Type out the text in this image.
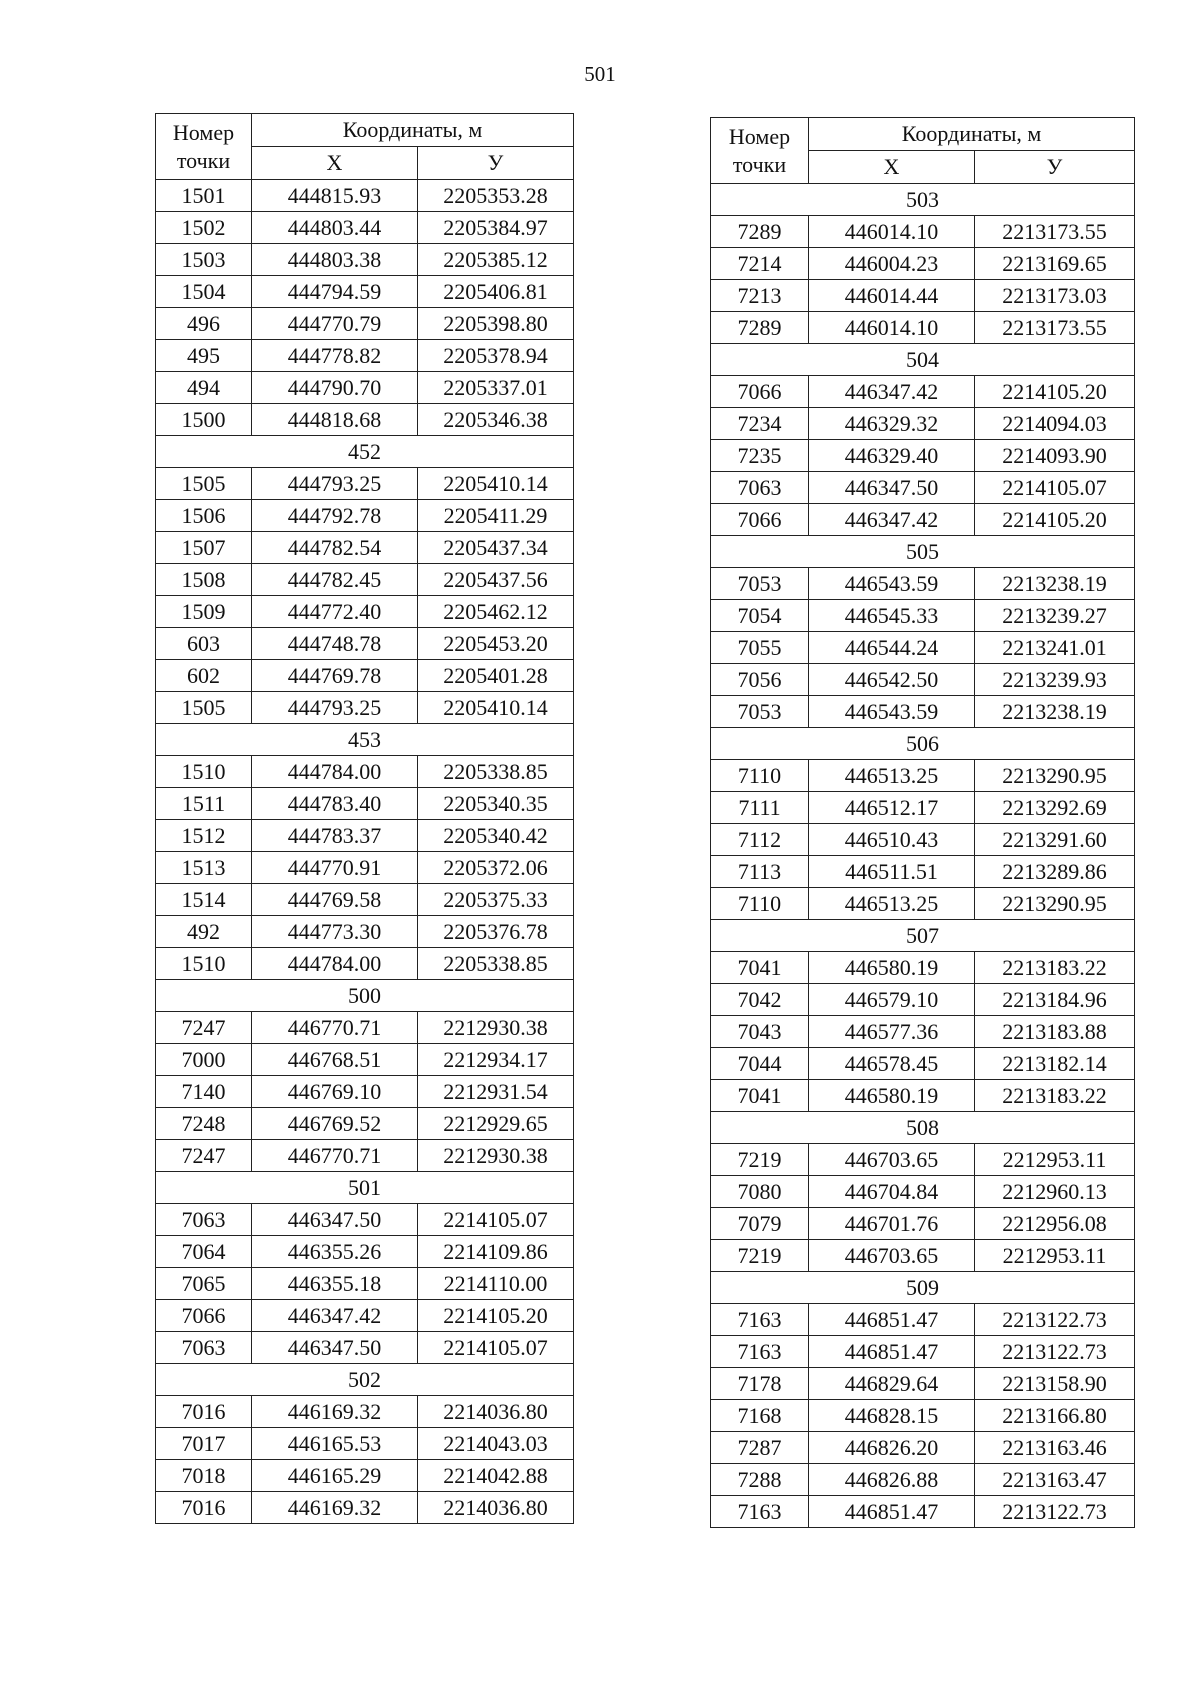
501
Номер
точки	Координаты, м	
	Х	У
1501	444815.93	2205353.28
1502	444803.44	2205384.97
1503	444803.38	2205385.12
1504	444794.59	2205406.81
496	444770.79	2205398.80
495	444778.82	2205378.94
494	444790.70	2205337.01
1500	444818.68	2205346.38
452		
1505	444793.25	2205410.14
1506	444792.78	2205411.29
1507	444782.54	2205437.34
1508	444782.45	2205437.56
1509	444772.40	2205462.12
603	444748.78	2205453.20
602	444769.78	2205401.28
1505	444793.25	2205410.14
453		
1510	444784.00	2205338.85
1511	444783.40	2205340.35
1512	444783.37	2205340.42
1513	444770.91	2205372.06
1514	444769.58	2205375.33
492	444773.30	2205376.78
1510	444784.00	2205338.85
500		
7247	446770.71	2212930.38
7000	446768.51	2212934.17
7140	446769.10	2212931.54
7248	446769.52	2212929.65
7247	446770.71	2212930.38
501		
7063	446347.50	2214105.07
7064	446355.26	2214109.86
7065	446355.18	2214110.00
7066	446347.42	2214105.20
7063	446347.50	2214105.07
502		
7016	446169.32	2214036.80
7017	446165.53	2214043.03
7018	446165.29	2214042.88
7016	446169.32	2214036.80
Номер
точки	Координаты, м	
	Х	У
503		
7289	446014.10	2213173.55
7214	446004.23	2213169.65
7213	446014.44	2213173.03
7289	446014.10	2213173.55
504		
7066	446347.42	2214105.20
7234	446329.32	2214094.03
7235	446329.40	2214093.90
7063	446347.50	2214105.07
7066	446347.42	2214105.20
505		
7053	446543.59	2213238.19
7054	446545.33	2213239.27
7055	446544.24	2213241.01
7056	446542.50	2213239.93
7053	446543.59	2213238.19
506		
7110	446513.25	2213290.95
7111	446512.17	2213292.69
7112	446510.43	2213291.60
7113	446511.51	2213289.86
7110	446513.25	2213290.95
507		
7041	446580.19	2213183.22
7042	446579.10	2213184.96
7043	446577.36	2213183.88
7044	446578.45	2213182.14
7041	446580.19	2213183.22
508		
7219	446703.65	2212953.11
7080	446704.84	2212960.13
7079	446701.76	2212956.08
7219	446703.65	2212953.11
509		
7163	446851.47	2213122.73
7163	446851.47	2213122.73
7178	446829.64	2213158.90
7168	446828.15	2213166.80
7287	446826.20	2213163.46
7288	446826.88	2213163.47
7163	446851.47	2213122.73
